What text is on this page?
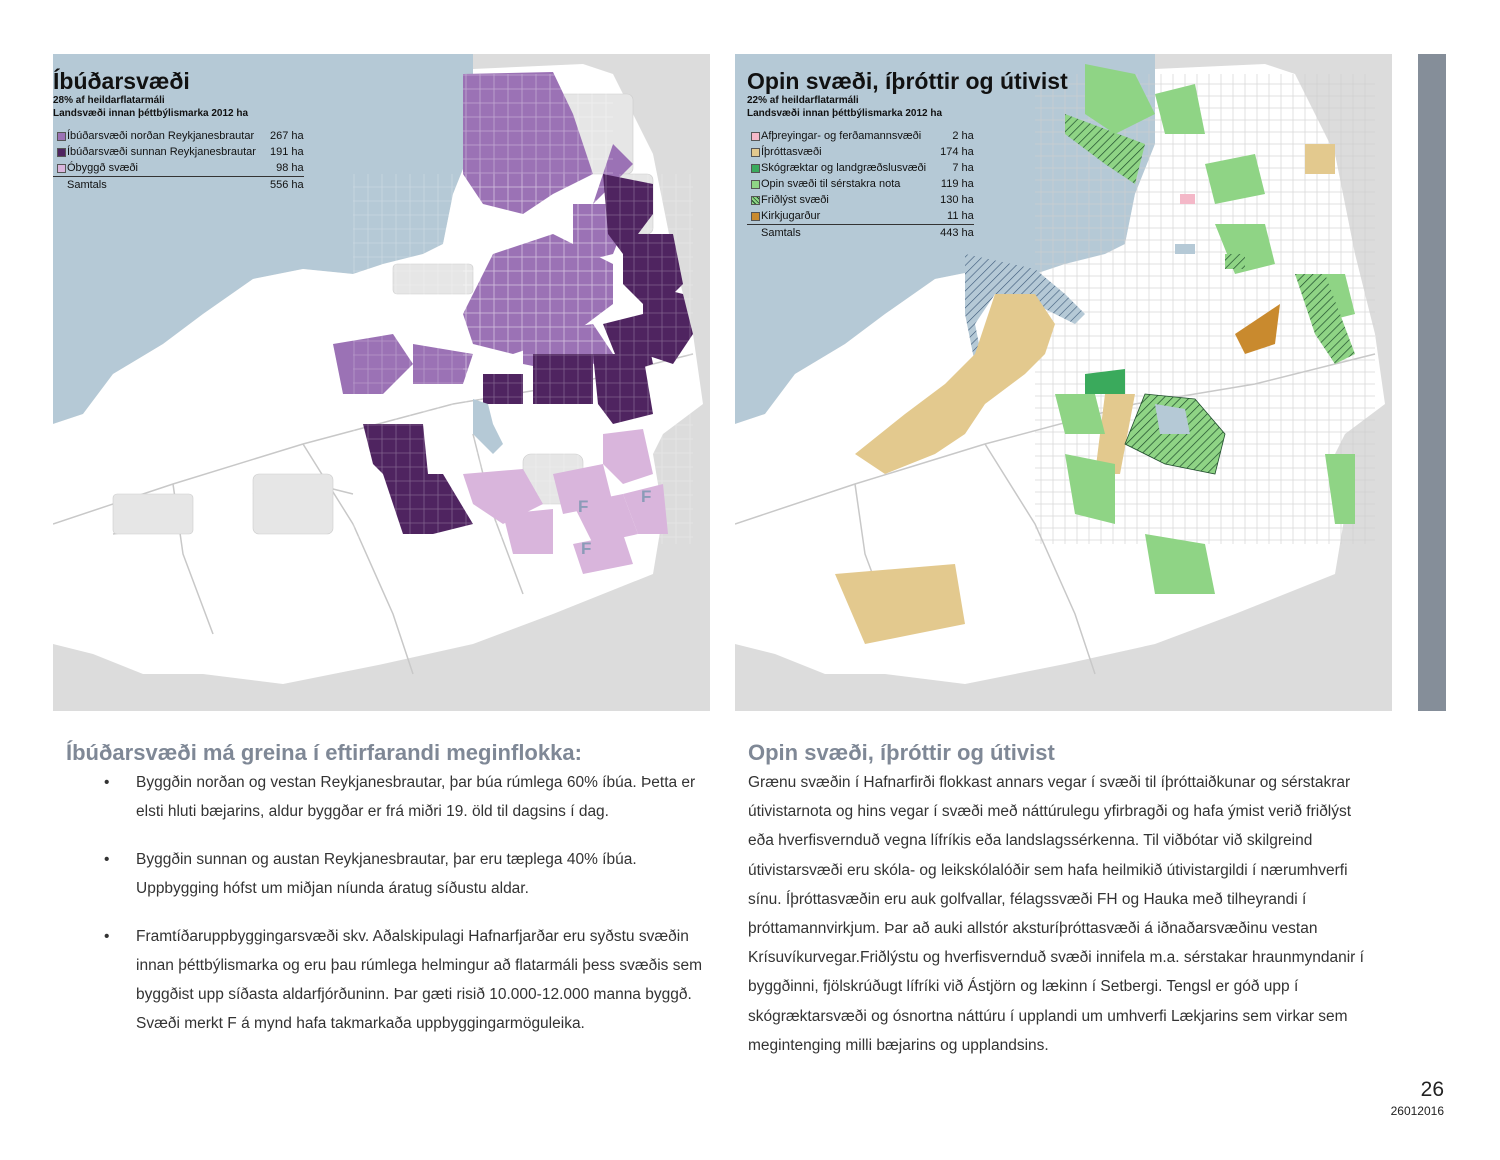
F
F
F
Íbúðarsvæði
28% af heildarflatarmáli
Landsvæði innan þéttbýlismarka 2012 ha
	Íbúðarsvæði norðan Reykjanesbrautar	267 ha
	Íbúðarsvæði sunnan Reykjanesbrautar	191 ha
	Óbyggð svæði	98 ha
	Samtals	556 ha
Opin svæði, íþróttir og útivist
22% af heildarflatarmáli
Landsvæði innan þéttbýlismarka 2012 ha
	Afþreyingar- og ferðamannsvæði	2 ha
	Íþróttasvæði	174 ha
	Skógræktar og landgræðslusvæði	7 ha
	Opin svæði til sérstakra nota	119 ha
	Friðlýst svæði	130 ha
	Kirkjugarður	11 ha
	Samtals	443 ha
Íbúðarsvæði má greina í eftirfarandi meginflokka:
• Byggðin norðan og vestan Reykjanesbrautar, þar búa rúmlega 60% íbúa. Þetta er elsti hluti bæjarins, aldur byggðar er frá miðri 19. öld til dagsins í dag.
• Byggðin sunnan og austan Reykjanesbrautar, þar eru tæplega 40% íbúa. Uppbygging hófst um miðjan níunda áratug síðustu aldar.
• Framtíðaruppbyggingarsvæði skv. Aðalskipulagi Hafnarfjarðar eru syðstu svæðin innan þéttbýlismarka og eru þau rúmlega helmingur að flatarmáli þess svæðis sem byggðist upp síðasta aldarfjórðuninn. Þar gæti risið 10.000-12.000 manna byggð. Svæði merkt F á mynd hafa takmarkaða uppbyggingarmöguleika.
Opin svæði, íþróttir og útivist

Grænu svæðin í Hafnarfirði flokkast annars vegar í svæði til íþróttaiðkunar og sérstakrar útivistarnota og hins vegar í svæði með náttúrulegu yfirbragði og hafa ýmist verið friðlýst eða hverfisvernduð vegna lífríkis eða landslagssérkenna. Til viðbótar við skilgreind útivistarsvæði eru skóla- og leikskólalóðir sem hafa heilmikið útivistargildi í nærumhverfi sínu. Íþróttasvæðin eru auk golfvallar, félagssvæði FH og Hauka með tilheyrandi í þróttamannvirkjum. Þar að auki allstór aksturíþróttasvæði á iðnaðarsvæðinu vestan Krísuvíkurvegar.Friðlýstu og hverfisvernduð svæði innifela m.a. sérstakar hraunmyndanir í byggðinni, fjölskrúðugt lífríki við Ástjörn og lækinn í Setbergi. Tengsl er góð upp í skógræktarsvæði og ósnortna náttúru í upplandi um umhverfi Lækjarins sem virkar sem megintenging milli bæjarins og upplandsins.

26
26012016
